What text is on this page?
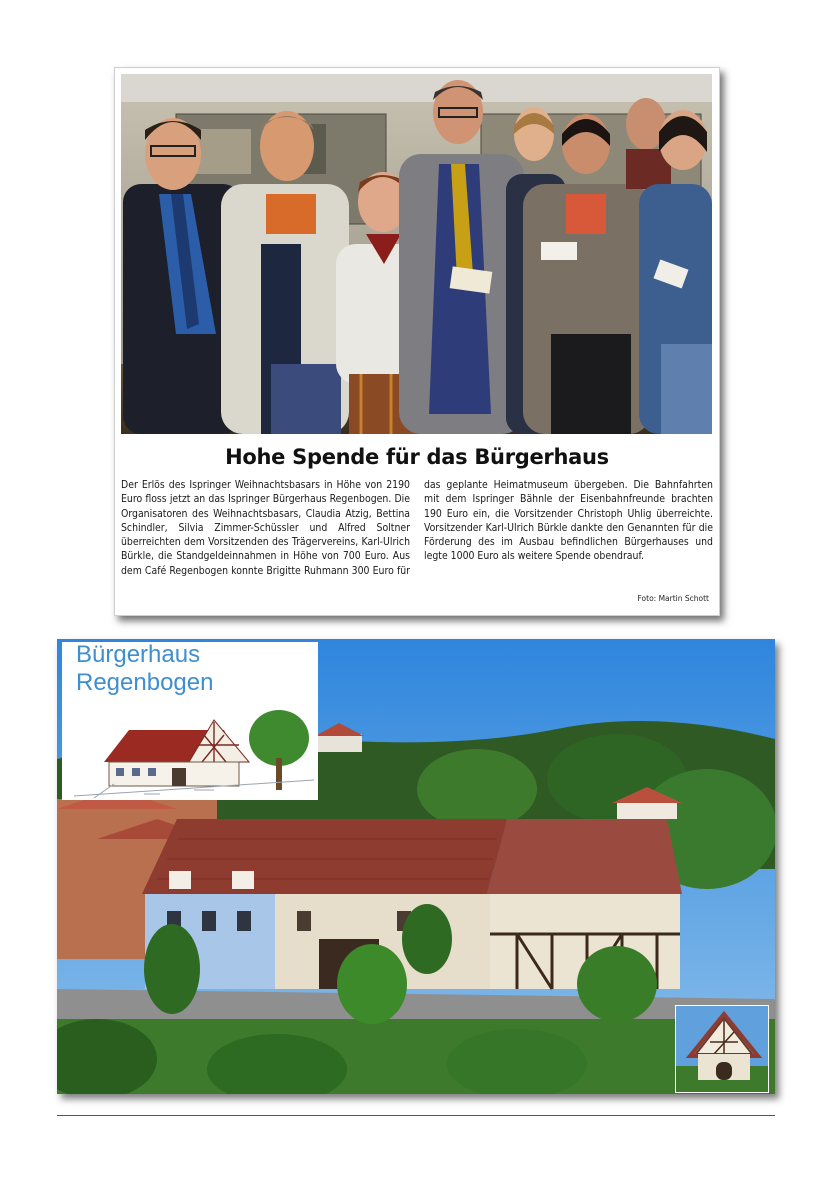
Hohe Spende für das Bürgerhaus
Der Erlös des Ispringer Weihnachtsbasars in Höhe von 2190 Euro floss jetzt an das Ispringer Bürgerhaus Regenbogen. Die Organisatoren des Weihnachtsbasars, Claudia Atzig, Bettina Schindler, Silvia Zimmer-Schüssler und Alfred Soltner überreichten dem Vorsitzenden des Trägervereins, Karl-Ulrich Bürkle, die Standgeldeinnahmen in Höhe von 700 Euro. Aus dem Café Regenbogen konnte Brigitte Ruhmann 300 Euro für das geplante Heimatmuseum übergeben. Die Bahnfahrten mit dem Ispringer Bähnle der Eisenbahnfreunde brachten 190 Euro ein, die Vorsitzender Christoph Uhlig überreichte. Vorsitzender Karl-Ulrich Bürkle dankte den Genannten für die Förderung des im Ausbau befindlichen Bürgerhauses und legte 1000 Euro als weitere Spende obendrauf.
Foto: Martin Schott
Bürgerhaus
Regenbogen
